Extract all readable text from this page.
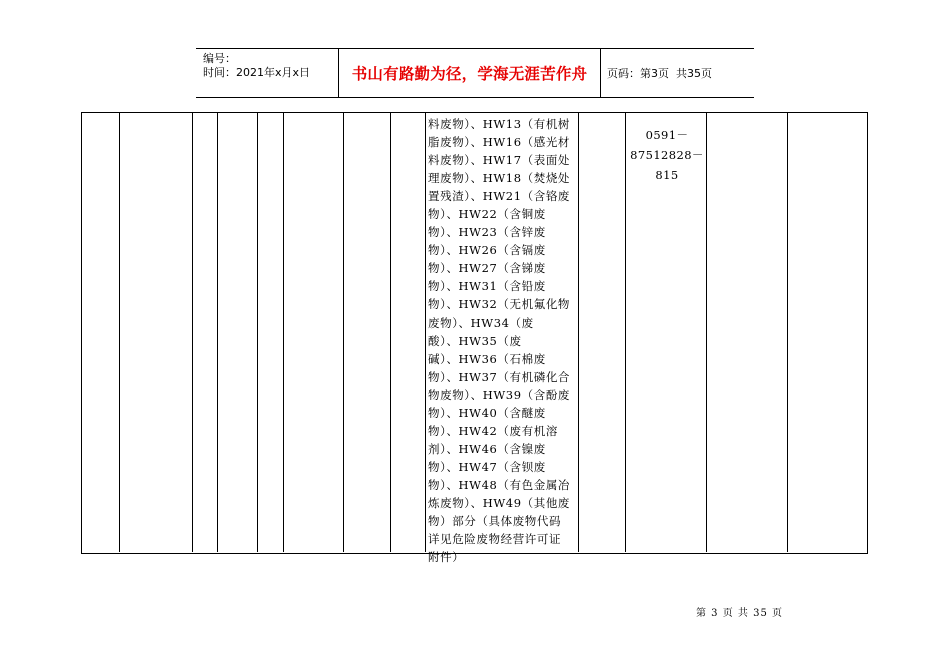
编号：
时间：2021年x月x日	书山有路勤为径，学海无涯苦作舟	页码：第3页  共35页
料废物）、HW13（有机树
脂废物）、HW16（感光材
料废物）、HW17（表面处
理废物）、HW18（焚烧处
置残渣）、HW21（含铬废
物）、HW22（含铜废
物）、HW23（含锌废
物）、HW26（含镉废
物）、HW27（含锑废
物）、HW31（含铅废
物）、HW32（无机氟化物
废物）、HW34（废
酸）、HW35（废
碱）、HW36（石棉废
物）、HW37（有机磷化合
物废物）、HW39（含酚废
物）、HW40（含醚废
物）、HW42（废有机溶
剂）、HW46（含镍废
物）、HW47（含钡废
物）、HW48（有色金属冶
炼废物）、HW49（其他废
物）部分（具体废物代码
详见危险废物经营许可证
附件）
0591－
87512828－
815
第 3 页 共 35 页
